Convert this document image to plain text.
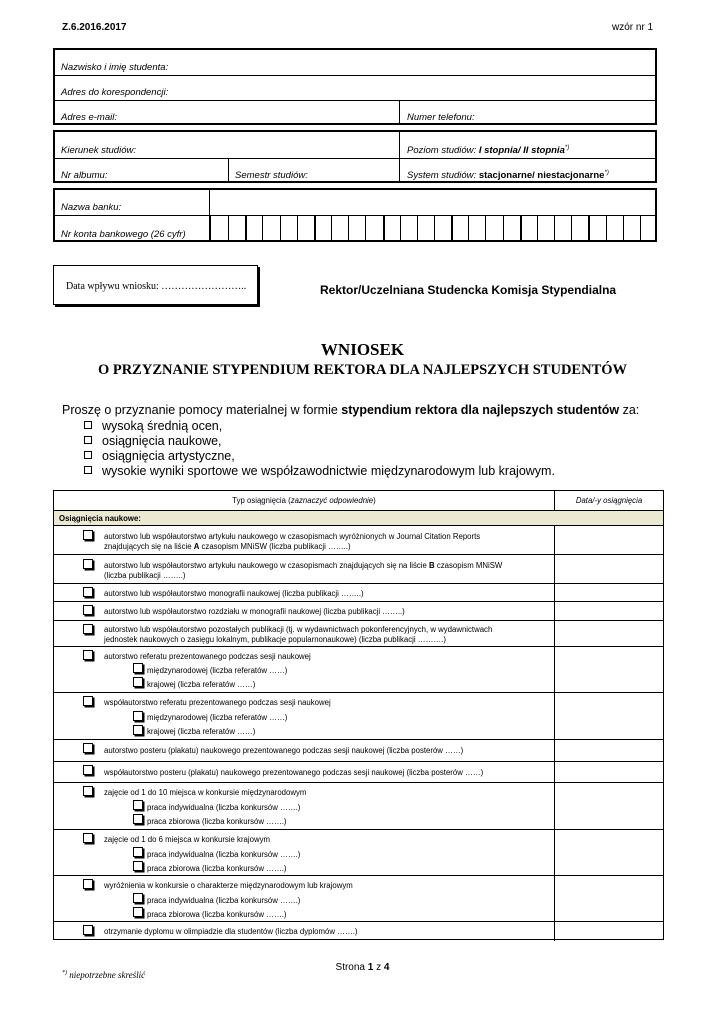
Z.6.2016.2017	wzór nr 1
Nazwisko i imię studenta:
Adres do korespondencji:
Adres e-mail:	Numer telefonu:
Kierunek studiów:	Poziom studiów: I stopnia/ II stopnia*)
Nr albumu:	Semestr studiów:	System studiów: stacjonarne/ niestacjonarne*)
Nazwa banku:
Nr konta bankowego (26 cyfr)
Data wpływu wniosku: ……………………..	Rektor/Uczelniana Studencka Komisja Stypendialna
WNIOSEK
O PRZYZNANIE STYPENDIUM REKTORA DLA NAJLEPSZYCH STUDENTÓW
Proszę o przyznanie pomocy materialnej w formie stypendium rektora dla najlepszych studentów za:
wysoką średnią ocen,
osiągnięcia naukowe,
osiągnięcia artystyczne,
wysokie wyniki sportowe we współzawodnictwie międzynarodowym lub krajowym.
Typ osiągnięcia (zaznaczyć odpowiednie)	Data/-y osiągnięcia
Osiągnięcia naukowe:
autorstwo lub współautorstwo artykułu naukowego w czasopismach wyróżnionych w Journal Citation Reports
znajdujących się na liście A czasopism MNiSW (liczba publikacji ……..)
autorstwo lub współautorstwo artykułu naukowego w czasopismach znajdujących się na liście B czasopism MNiSW
(liczba publikacji ……..)
autorstwo lub współautorstwo monografii naukowej (liczba publikacji ……..)
autorstwo lub współautorstwo rozdziału w monografii naukowej (liczba publikacji ……..)
autorstwo lub współautorstwo pozostałych publikacji (tj. w wydawnictwach pokonferencyjnych, w wydawnictwach
jednostek naukowych o zasięgu lokalnym, publikacje popularnonaukowe) (liczba publikacji ……….)
autorstwo referatu prezentowanego podczas sesji naukowej
międzynarodowej (liczba referatów ……)
krajowej (liczba referatów ……)
współautorstwo referatu prezentowanego podczas sesji naukowej
międzynarodowej (liczba referatów ……)
krajowej (liczba referatów ……)
autorstwo posteru (plakatu) naukowego prezentowanego podczas sesji naukowej (liczba posterów ……)
współautorstwo posteru (plakatu) naukowego prezentowanego podczas sesji naukowej (liczba posterów ……)
zajęcie od 1 do 10 miejsca w konkursie międzynarodowym
praca indywidualna (liczba konkursów …….)
praca zbiorowa (liczba konkursów …….)
zajęcie od 1 do 6 miejsca w konkursie krajowym
praca indywidualna (liczba konkursów …….)
praca zbiorowa (liczba konkursów …….)
wyróżnienia w konkursie o charakterze międzynarodowym lub krajowym
praca indywidualna (liczba konkursów …….)
praca zbiorowa (liczba konkursów …….)
otrzymanie dyplomu w olimpiadzie dla studentów (liczba dyplomów …….)
Strona 1 z 4
*) niepotrzebne skreślić
